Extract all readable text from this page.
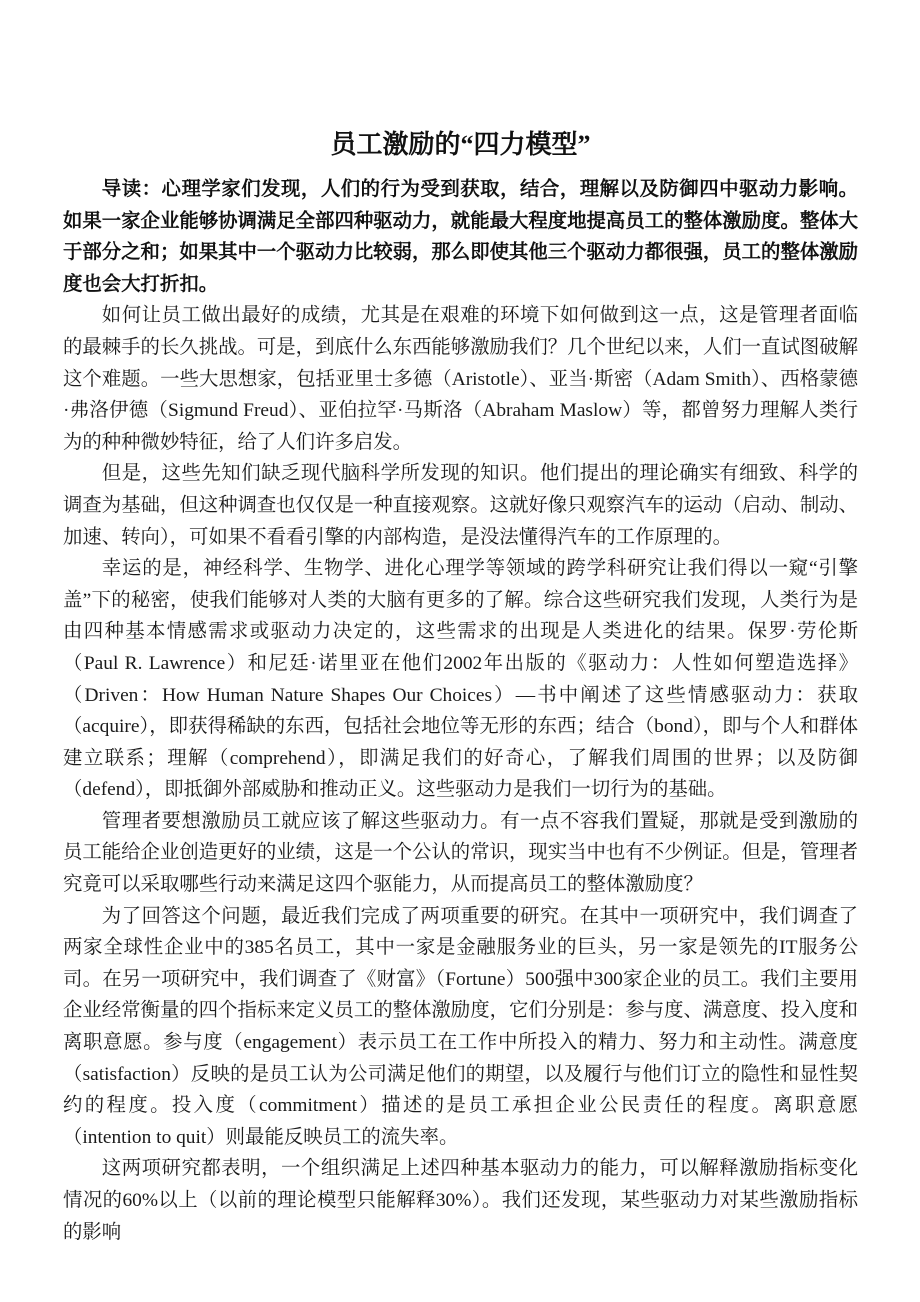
员工激励的“四力模型”

导读：心理学家们发现，人们的行为受到获取，结合，理解以及防御四中驱动力影响。如果一家企业能够协调满足全部四种驱动力，就能最大程度地提高员工的整体激励度。整体大于部分之和；如果其中一个驱动力比较弱，那么即使其他三个驱动力都很强，员工的整体激励度也会大打折扣。

如何让员工做出最好的成绩，尤其是在艰难的环境下如何做到这一点，这是管理者面临的最棘手的长久挑战。可是，到底什么东西能够激励我们？几个世纪以来，人们一直试图破解这个难题。一些大思想家，包括亚里士多德（Aristotle）、亚当·斯密（Adam Smith）、西格蒙德·弗洛伊德（Sigmund Freud）、亚伯拉罕·马斯洛（Abraham Maslow）等，都曾努力理解人类行为的种种微妙特征，给了人们许多启发。

但是，这些先知们缺乏现代脑科学所发现的知识。他们提出的理论确实有细致、科学的调查为基础，但这种调查也仅仅是一种直接观察。这就好像只观察汽车的运动（启动、制动、加速、转向），可如果不看看引擎的内部构造，是没法懂得汽车的工作原理的。

幸运的是，神经科学、生物学、进化心理学等领域的跨学科研究让我们得以一窥“引擎盖”下的秘密，使我们能够对人类的大脑有更多的了解。综合这些研究我们发现，人类行为是由四种基本情感需求或驱动力决定的，这些需求的出现是人类进化的结果。保罗·劳伦斯（Paul R. Lawrence）和尼廷·诺里亚在他们2002年出版的《驱动力：人性如何塑造选择》（Driven：How Human Nature Shapes Our Choices）—书中阐述了这些情感驱动力：获取（acquire），即获得稀缺的东西，包括社会地位等无形的东西；结合（bond），即与个人和群体建立联系；理解（comprehend），即满足我们的好奇心，了解我们周围的世界；以及防御（defend），即抵御外部威胁和推动正义。这些驱动力是我们一切行为的基础。

管理者要想激励员工就应该了解这些驱动力。有一点不容我们置疑，那就是受到激励的员工能给企业创造更好的业绩，这是一个公认的常识，现实当中也有不少例证。但是，管理者究竟可以采取哪些行动来满足这四个驱能力，从而提高员工的整体激励度？

为了回答这个问题，最近我们完成了两项重要的研究。在其中一项研究中，我们调查了两家全球性企业中的385名员工，其中一家是金融服务业的巨头，另一家是领先的IT服务公司。在另一项研究中，我们调查了《财富》（Fortune）500强中300家企业的员工。我们主要用企业经常衡量的四个指标来定义员工的整体激励度，它们分别是：参与度、满意度、投入度和离职意愿。参与度（engagement）表示员工在工作中所投入的精力、努力和主动性。满意度（satisfaction）反映的是员工认为公司满足他们的期望，以及履行与他们订立的隐性和显性契约的程度。投入度（commitment）描述的是员工承担企业公民责任的程度。离职意愿（intention to quit）则最能反映员工的流失率。

这两项研究都表明，一个组织满足上述四种基本驱动力的能力，可以解释激励指标变化情况的60%以上（以前的理论模型只能解释30%）。我们还发现，某些驱动力对某些激励指标的影响
